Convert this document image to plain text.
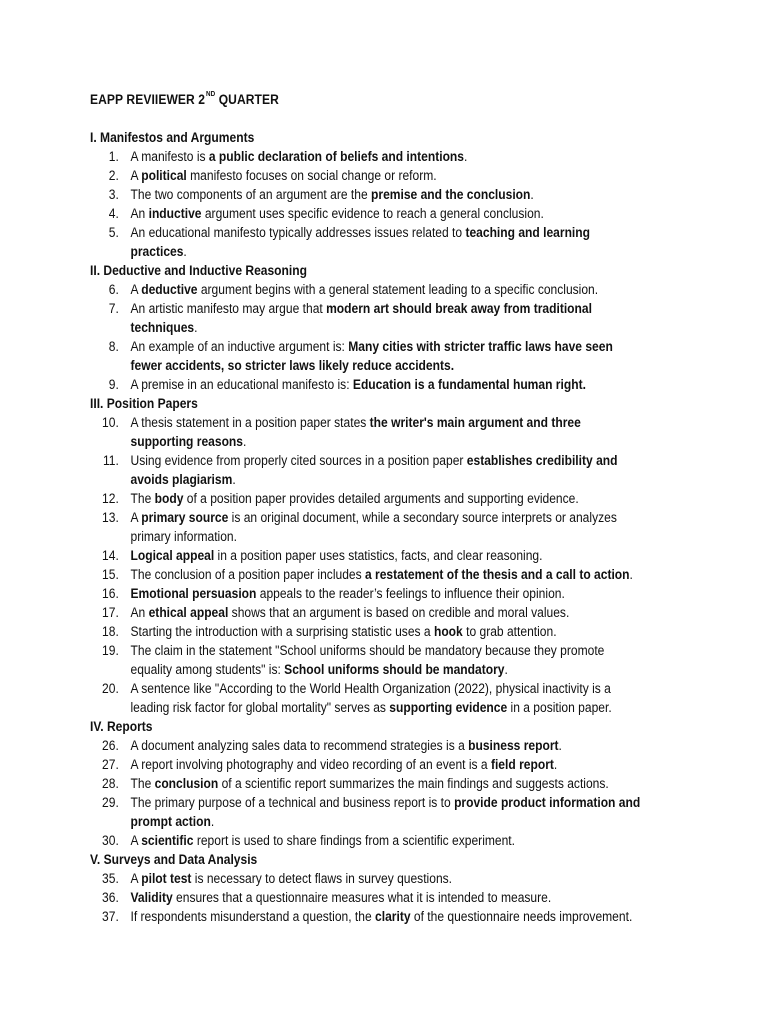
EAPP REVIIEWER 2ND QUARTER
I. Manifestos and Arguments
1. A manifesto is a public declaration of beliefs and intentions.
2. A political manifesto focuses on social change or reform.
3. The two components of an argument are the premise and the conclusion.
4. An inductive argument uses specific evidence to reach a general conclusion.
5. An educational manifesto typically addresses issues related to teaching and learning practices.
II. Deductive and Inductive Reasoning
6. A deductive argument begins with a general statement leading to a specific conclusion.
7. An artistic manifesto may argue that modern art should break away from traditional techniques.
8. An example of an inductive argument is: Many cities with stricter traffic laws have seen fewer accidents, so stricter laws likely reduce accidents.
9. A premise in an educational manifesto is: Education is a fundamental human right.
III. Position Papers
10. A thesis statement in a position paper states the writer's main argument and three supporting reasons.
11. Using evidence from properly cited sources in a position paper establishes credibility and avoids plagiarism.
12. The body of a position paper provides detailed arguments and supporting evidence.
13. A primary source is an original document, while a secondary source interprets or analyzes primary information.
14. Logical appeal in a position paper uses statistics, facts, and clear reasoning.
15. The conclusion of a position paper includes a restatement of the thesis and a call to action.
16. Emotional persuasion appeals to the reader’s feelings to influence their opinion.
17. An ethical appeal shows that an argument is based on credible and moral values.
18. Starting the introduction with a surprising statistic uses a hook to grab attention.
19. The claim in the statement "School uniforms should be mandatory because they promote equality among students" is: School uniforms should be mandatory.
20. A sentence like "According to the World Health Organization (2022), physical inactivity is a leading risk factor for global mortality" serves as supporting evidence in a position paper.
IV. Reports
26. A document analyzing sales data to recommend strategies is a business report.
27. A report involving photography and video recording of an event is a field report.
28. The conclusion of a scientific report summarizes the main findings and suggests actions.
29. The primary purpose of a technical and business report is to provide product information and prompt action.
30. A scientific report is used to share findings from a scientific experiment.
V. Surveys and Data Analysis
35. A pilot test is necessary to detect flaws in survey questions.
36. Validity ensures that a questionnaire measures what it is intended to measure.
37. If respondents misunderstand a question, the clarity of the questionnaire needs improvement.
